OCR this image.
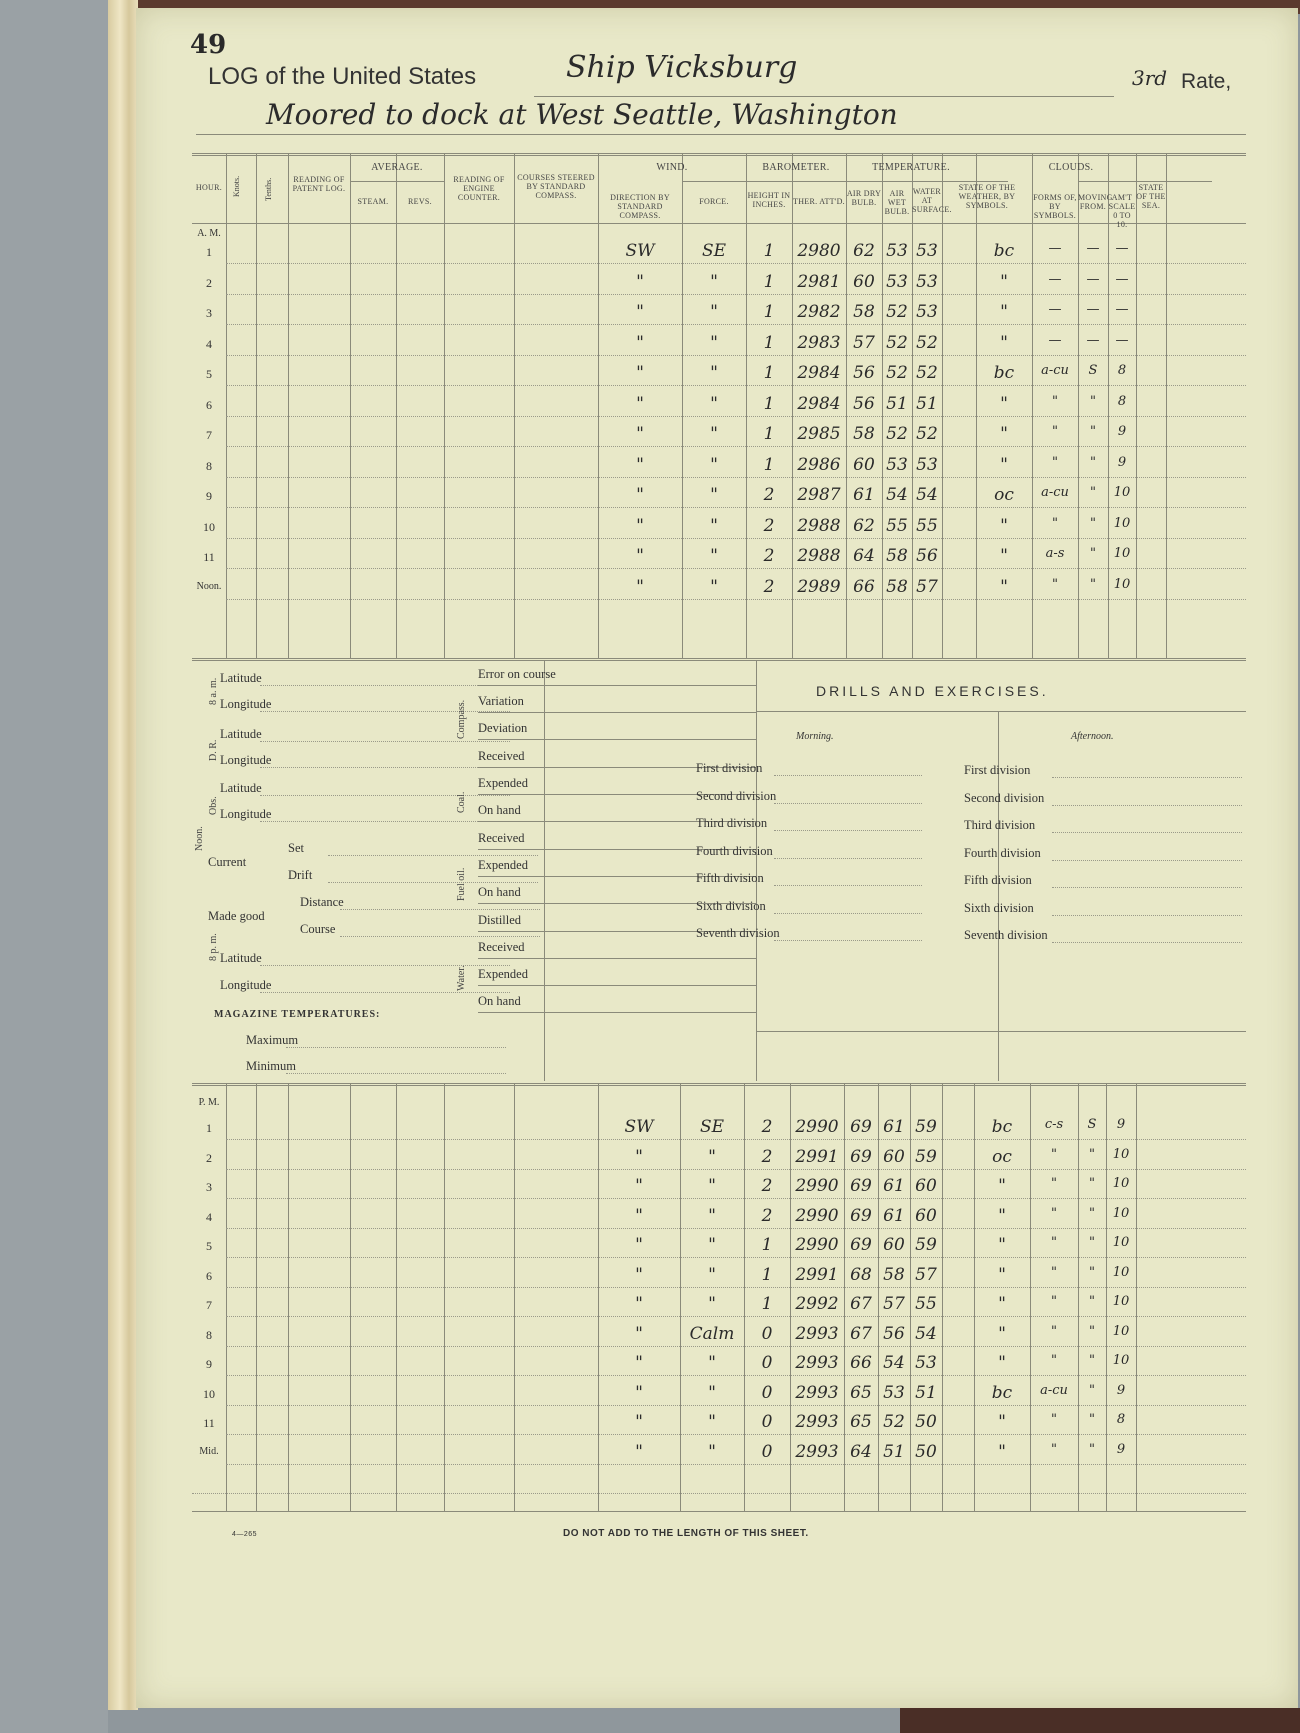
49
LOG of the United States	Ship Vicksburg	3rd Rate,
Moored to dock at West Seattle, Washington
DRILLS AND EXERCISES.
4—265	DO NOT ADD TO THE LENGTH OF THIS SHEET.
HOUR.	Knots.	Tenths.	READING OF PATENT LOG.
AVERAGE.
STEAM.	REVS.
READING OF ENGINE COUNTER.
COURSES STEERED BY STANDARD COMPASS.
WIND.
DIRECTION BY STANDARD COMPASS.
FORCE.
BAROMETER.
HEIGHT IN INCHES. THER. ATT'D.
TEMPERATURE.
AIR DRY BULB.
AIR WET BULB.
WATER AT SURFACE.
STATE OF THE WEATHER, BY SYMBOLS.
CLOUDS.
FORMS OF, BY SYMBOLS.
MOVING FROM.
AM'T SCALE 0 TO 10.
STATE OF THE SEA.
A. M.
1	SW	SE	1	2980 62 53 53	bc	—	—	—
2	"	"	1	2981 60 53 53	"	—	—	—
3	"	"	1	2982 58 52 53	"	—	—	—
4	"	"	1	2983 57 52 52	"	—	—	—
5	"	"	1	2984 56 52 52	bc	a-cu	S	8
6	"	"	1	2984 56 51 51	"	"	"	8
7	"	"	1	2985 58 52 52	"	"	"	9
8	"	"	1	2986 60 53 53	"	"	"	9
9	"	"	2	2987 61 54 54	oc	a-cu	"	10
10	"	"	2	2988 62 55 55	"	"	"	10
11	"	"	2	2988 64 58 56	"	a-s	"	10
Noon.	"	"	2	2989 66 58 57	"	"	"	10
8 a. m.
D. R.
Obs.
Noon.
8 p. m.
Latitude
Longitude
Latitude
Longitude
Latitude
Longitude
Current
Set
Drift
Made good
Distance
Course
Latitude
Longitude
MAGAZINE TEMPERATURES:
Maximum
Minimum
Compass.
Coal.
Fuel oil.
Water.
Error on course
Variation
Deviation
Received
Expended
On hand
Received
Expended
On hand
Distilled
Received
Expended
On hand
Morning.	Afternoon.
First division	First division
Second division	Second division
Third division	Third division
Fourth division	Fourth division
Fifth division	Fifth division
Sixth division	Sixth division
Seventh division	Seventh division
P. M.
1	SW	SE	2	2990 69 61 59	bc	c-s	S	9
2	"	"	2	2991 69 60 59	oc	"	"	10
3	"	"	2	2990 69 61 60	"	"	"	10
4	"	"	2	2990 69 61 60	"	"	"	10
5	"	"	1	2990 69 60 59	"	"	"	10
6	"	"	1	2991 68 58 57	"	"	"	10
7	"	"	1	2992 67 57 55	"	"	"	10
8	"	Calm	0	2993 67 56 54	"	"	"	10
9	"	"	0	2993 66 54 53	"	"	"	10
10	"	"	0	2993 65 53 51	bc	a-cu	"	9
11	"	"	0	2993 65 52 50	"	"	"	8
Mid.	"	"	0	2993 64 51 50	"	"	"	9
